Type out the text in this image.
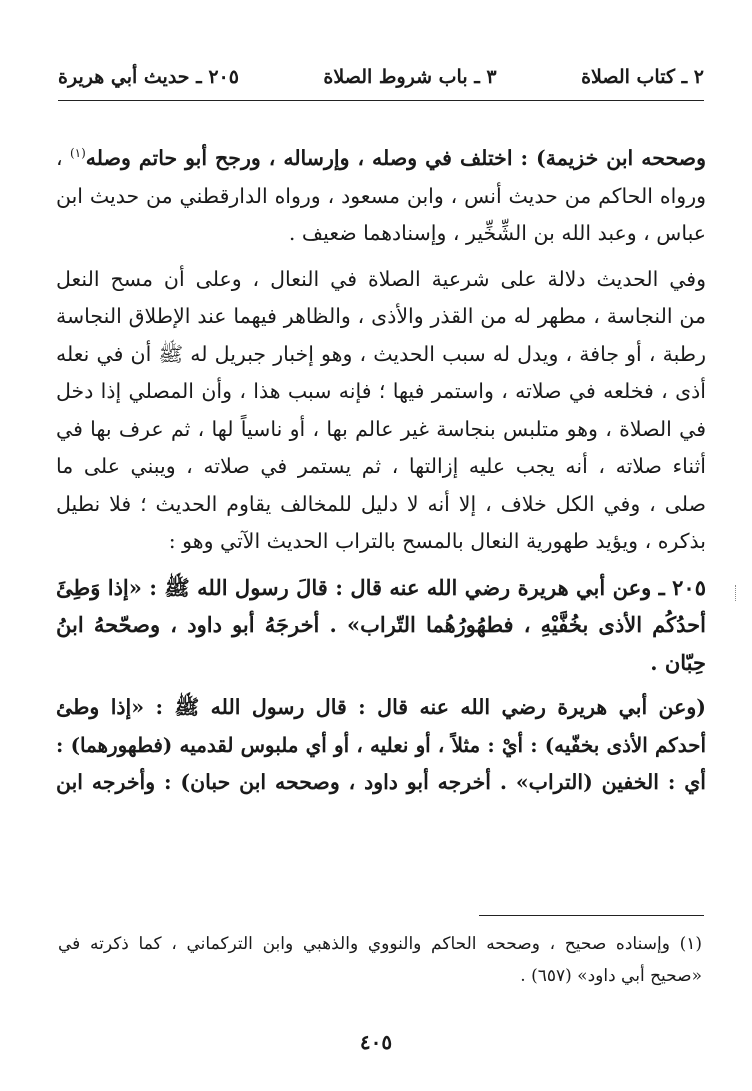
٢ ـ كتاب الصلاة
٣ ـ باب شروط الصلاة
٢٠٥ ـ حديث أبي هريرة

وصححه ابن خزيمة) : اختلف في وصله ، وإرساله ، ورجح أبو حاتم وصله$^{(١)}$ ،
ورواه الحاكم من حديث أنس ، وابن مسعود ، ورواه الدارقطني من حديث ابن
عباس ، وعبد الله بن الشِّخِّير ، وإسنادهما ضعيف .

وفي الحديث دلالة على شرعية الصلاة في النعال ، وعلى أن مسح النعل
من النجاسة ، مطهر له من القذر والأذى ، والظاهر فيهما عند الإطلاق النجاسة
رطبة ، أو جافة ، ويدل له سبب الحديث ، وهو إخبار جبريل له ﷺ أن في نعله
أذى ، فخلعه في صلاته ، واستمر فيها ؛ فإنه سبب هذا ، وأن المصلي إذا دخل
في الصلاة ، وهو متلبس بنجاسة غير عالم بها ، أو ناسياً لها ، ثم عرف بها في
أثناء صلاته ، أنه يجب عليه إزالتها ، ثم يستمر في صلاته ، ويبني على ما
صلى ، وفي الكل خلاف ، إلا أنه لا دليل للمخالف يقاوم الحديث ؛ فلا نطيل
بذكره ، ويؤيد طهورية النعال بالمسح بالتراب الحديث الآتي وهو :

٢٠٥ ـ وعن أبي هريرة رضي الله عنه قال : قالَ رسول الله ﷺ : «إذا وَطِئَ
أحدُكُم الأذى بخُفَّيْهِ ، فطهُورُهُما التّراب» . أخرجَهُ أبو داود ، وصحّحهُ ابنُ
حِبّان .

(وعن أبي هريرة رضي الله عنه قال : قال رسول الله ﷺ : «إذا وطئ
أحدكم الأذى بخفّيه) : أيْ : مثلاً ، أو نعليه ، أو أي ملبوس لقدميه (فطهورهما) :
أي : الخفين (التراب» . أخرجه أبو داود ، وصححه ابن حبان) : وأخرجه ابن

(١) وإسناده صحيح ، وصححه الحاكم والنووي والذهبي وابن التركماني ، كما ذكرته في
«صحيح أبي داود» (٦٥٧) .
٤٠٥
